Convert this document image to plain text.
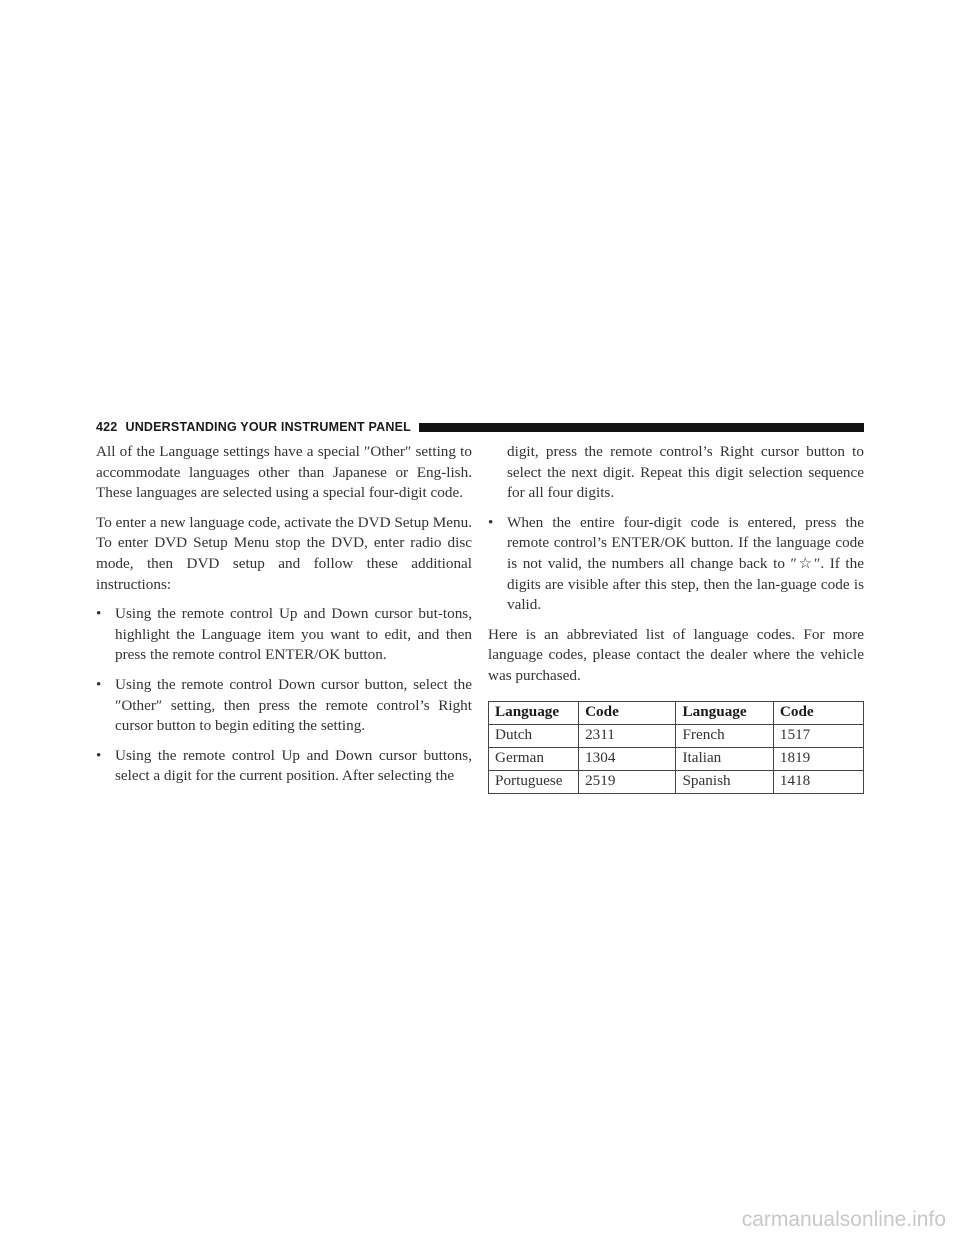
422 UNDERSTANDING YOUR INSTRUMENT PANEL

All of the Language settings have a special ″Other″ setting to accommodate languages other than Japanese or Eng-lish. These languages are selected using a special four-digit code.

To enter a new language code, activate the DVD Setup Menu. To enter DVD Setup Menu stop the DVD, enter radio disc mode, then DVD setup and follow these additional instructions:

• Using the remote control Up and Down cursor but-tons, highlight the Language item you want to edit, and then press the remote control ENTER/OK button.
• Using the remote control Down cursor button, select the ″Other″ setting, then press the remote control’s Right cursor button to begin editing the setting.
• Using the remote control Up and Down cursor buttons, select a digit for the current position. After selecting the
digit, press the remote control’s Right cursor button to select the next digit. Repeat this digit selection sequence for all four digits.
• When the entire four-digit code is entered, press the remote control’s ENTER/OK button. If the language code is not valid, the numbers all change back to ″☆″. If the digits are visible after this step, then the lan-guage code is valid.

Here is an abbreviated list of language codes. For more language codes, please contact the dealer where the vehicle was purchased.

Language	Code	Language	Code
Dutch	2311	French	1517
German	1304	Italian	1819
Portuguese	2519	Spanish	1418
carmanualsonline.info
